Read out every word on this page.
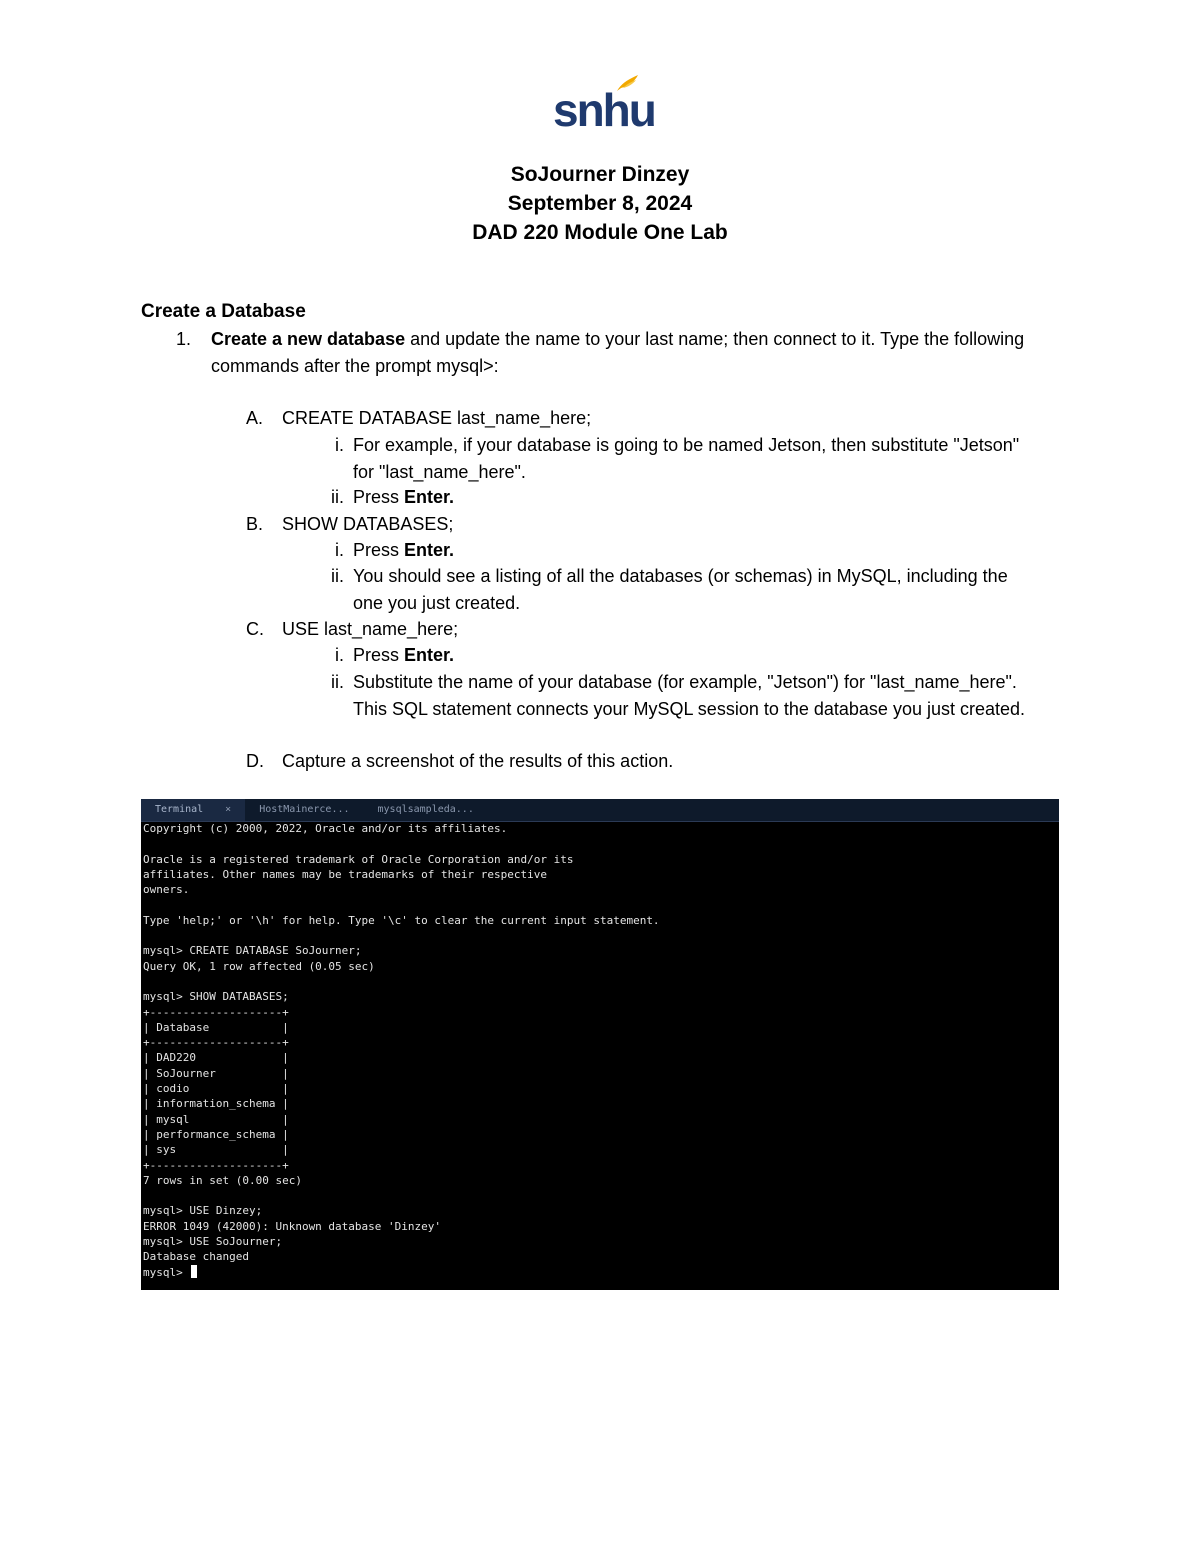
snhu
SoJourner Dinzey
September 8, 2024
DAD 220 Module One Lab
Create a Database
1. Create a new database and update the name to your last name; then connect to it. Type the following commands after the prompt mysql>:
A. CREATE DATABASE last_name_here;
i. For example, if your database is going to be named Jetson, then substitute "Jetson" for "last_name_here".
ii. Press Enter.
B. SHOW DATABASES;
i. Press Enter.
ii. You should see a listing of all the databases (or schemas) in MySQL, including the one you just created.
C. USE last_name_here;
i. Press Enter.
ii. Substitute the name of your database (for example, "Jetson") for "last_name_here". This SQL statement connects your MySQL session to the database you just created.
D. Capture a screenshot of the results of this action.
Terminal ×	HostMainerce...	mysqlsampleda...
Copyright (c) 2000, 2022, Oracle and/or its affiliates.
Oracle is a registered trademark of Oracle Corporation and/or its
affiliates. Other names may be trademarks of their respective
owners.
Type 'help;' or '\h' for help. Type '\c' to clear the current input statement.
mysql> CREATE DATABASE SoJourner;
Query OK, 1 row affected (0.05 sec)
mysql> SHOW DATABASES;
+--------------------+
| Database           |
+--------------------+
| DAD220             |
| SoJourner          |
| codio              |
| information_schema |
| mysql              |
| performance_schema |
| sys                |
+--------------------+
7 rows in set (0.00 sec)
mysql> USE Dinzey;
ERROR 1049 (42000): Unknown database 'Dinzey'
mysql> USE SoJourner;
Database changed
mysql>
